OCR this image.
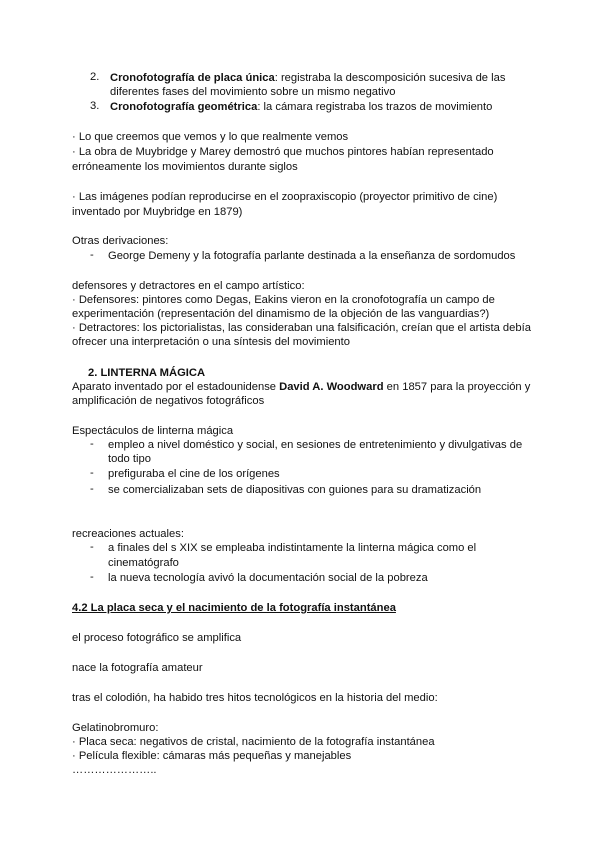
2. Cronofotografía de placa única: registraba la descomposición sucesiva de las
diferentes fases del movimiento sobre un mismo negativo
3. Cronofotografía geométrica: la cámara registraba los trazos de movimiento
· Lo que creemos que vemos y lo que realmente vemos
· La obra de Muybridge y Marey demostró que muchos pintores habían representado
erróneamente los movimientos durante siglos
· Las imágenes podían reproducirse en el zoopraxiscopio (proyector primitivo de cine)
inventado por Muybridge en 1879)
Otras derivaciones:
- George Demeny y la fotografía parlante destinada a la enseñanza de sordomudos
defensores y detractores en el campo artístico:
· Defensores: pintores como Degas, Eakins vieron en la cronofotografía un campo de
experimentación (representación del dinamismo de la objeción de las vanguardias?)
· Detractores: los pictorialistas, las consideraban una falsificación, creían que el artista debía
ofrecer una interpretación o una síntesis del movimiento
2. LINTERNA MÁGICA
Aparato inventado por el estadounidense David A. Woodward en 1857 para la proyección y
amplificación de negativos fotográficos
Espectáculos de linterna mágica
- empleo a nivel doméstico y social, en sesiones de entretenimiento y divulgativas de
todo tipo
- prefiguraba el cine de los orígenes
- se comercializaban sets de diapositivas con guiones para su dramatización
recreaciones actuales:
- a finales del s XIX se empleaba indistintamente la linterna mágica como el
cinematógrafo
- la nueva tecnología avivó la documentación social de la pobreza
4.2 La placa seca y el nacimiento de la fotografía instantánea
el proceso fotográfico se amplifica
nace la fotografía amateur
tras el colodión, ha habido tres hitos tecnológicos en la historia del medio:
Gelatinobromuro:
· Placa seca: negativos de cristal, nacimiento de la fotografía instantánea
· Película flexible: cámaras más pequeñas y manejables
…………………..
